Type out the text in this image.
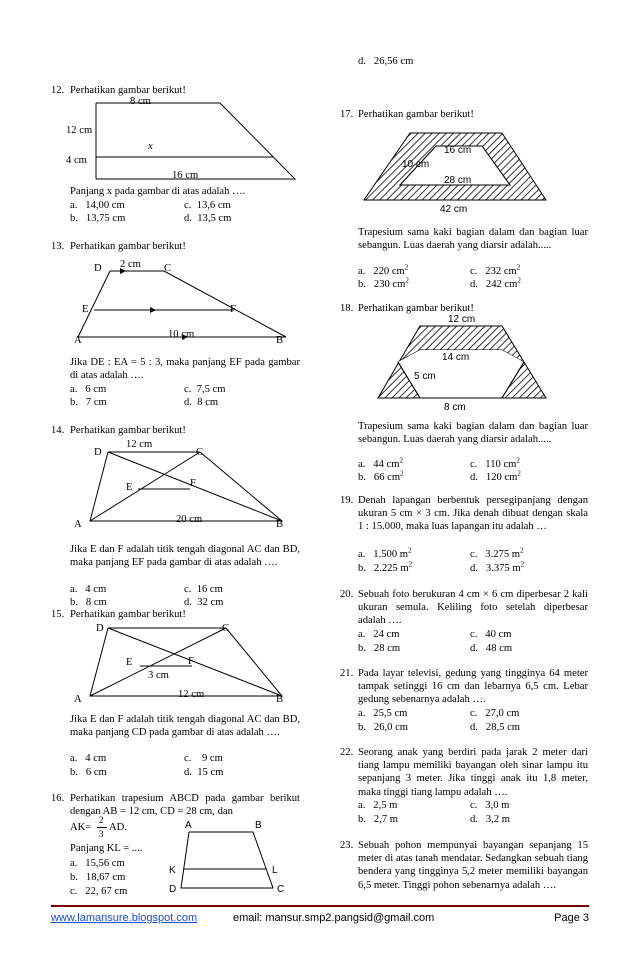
12. Perhatikan gambar berikut!
8 cm
12 cm
x
4 cm
16 cm
Panjang x pada gambar di atas adalah ….
a.   14,00 cm	c.  13,6 cm
b.   13,75 cm	d.  13,5 cm
13. Perhatikan gambar berikut!
D 2 cm C
E	F
A
10 cm
B
Jika DE : EA = 5 : 3, maka panjang EF pada gambar di atas adalah ….
a.   6 cm	c.  7,5 cm
b.   7 cm	d.  8 cm
14. Perhatikan gambar berikut!
D
12 cm
C
E	F
A	20 cm	B
Jika E dan F adalah titik tengah diagonal AC dan BD, maka panjang EF pada gambar di atas adalah ….
a.   4 cm	c.  16 cm
b.   8 cm	d.  32 cm
15. Perhatikan gambar berikut!
D	C
E	F
3 cm
A	12 cm	B
Jika E dan F adalah titik tengah diagonal AC dan BD, maka panjang CD pada gambar di atas adalah ….
a.   4 cm	c.    9 cm
b.   6 cm	d.  15 cm
16. Perhatikan trapesium ABCD pada gambar berikut dengan AB = 12 cm, CD = 28 cm, dan
AK=
2
3
AD.
Panjang KL = ....
a.   15,56 cm
b.   18,67 cm
c.   22, 67 cm
A	B
K	L
D	C
d.   26,56 cm
17. Perhatikan gambar berikut!
16 cm
10 cm
28 cm
42 cm
Trapesium sama kaki bagian dalam dan bagian luar sebangun. Luas daerah yang diarsir adalah.....
a.   220 $cm^2$	c.   232 $cm^2$
b.   230 $cm^2$	d.   242 $cm^2$
18. Perhatikan gambar berikut!
12 cm
14 cm
5 cm
8 cm
Trapesium sama kaki bagian dalam dan bagian luar sebangun. Luas daerah yang diarsir adalah.....
a.   44 $cm^2$	c.   110 $cm^2$
b.   66 $cm^2$	d.   120 $cm^2$
19. Denah lapangan berbentuk persegipanjang dengan ukuran 5 cm × 3 cm. Jika denah dibuat dengan skala 1 : 15.000, maka luas lapangan itu adalah …
a.   1.500 $m^2$	c.   3.275 $m^2$
b.   2.225 $m^2$	d.   3.375 $m^2$
20. Sebuah foto berukuran 4 cm × 6 cm diperbesar 2 kali ukuran semula. Keliling foto setelah diperbesar adalah ….
a.   24 cm	c.   40 cm
b.   28 cm	d.   48 cm
21. Pada layar televisi, gedung yang tingginya 64 meter tampak setinggi 16 cm dan lebarnya 6,5 cm. Lebar gedung sebenarnya adalah ….
a.   25,5 cm	c.   27,0 cm
b.   26,0 cm	d.   28,5 cm
22. Seorang anak yang berdiri pada jarak 2 meter dari tiang lampu memiliki bayangan oleh sinar lampu itu sepanjang 3 meter. Jika tinggi anak itu 1,8 meter, maka tinggi tiang lampu adalah ….
a.   2,5 m	c.   3,0 m
b.   2,7 m	d.   3,2 m
23. Sebuah pohon mempunyai bayangan sepanjang 15 meter di atas tanah mendatar. Sedangkan sebuah tiang bendera yang tingginya 5,2 meter memiliki bayangan 6,5 meter. Tinggi pohon sebenarnya adalah ….
www.lamansure.blogspot.com	email: mansur.smp2.pangsid@gmail.com	Page 3
